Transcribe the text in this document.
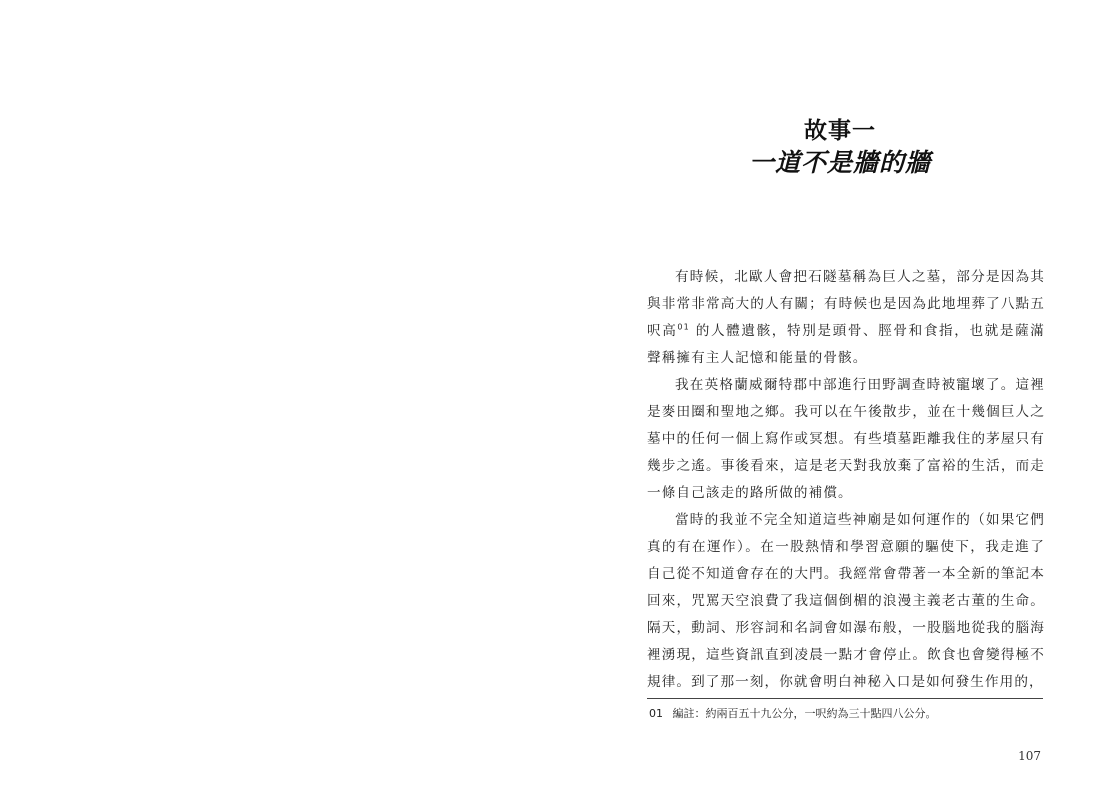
故事一
一道不是牆的牆

有時候，北歐人會把石隧墓稱為巨人之墓，部分是因為其與非常非常高大的人有關；有時候也是因為此地埋葬了八點五呎高$^{01}$ 的人體遺骸，特別是頭骨、脛骨和食指，也就是薩滿聲稱擁有主人記憶和能量的骨骸。

我在英格蘭威爾特郡中部進行田野調查時被寵壞了。這裡是麥田圈和聖地之鄉。我可以在午後散步，並在十幾個巨人之墓中的任何一個上寫作或冥想。有些墳墓距離我住的茅屋只有幾步之遙。事後看來，這是老天對我放棄了富裕的生活，而走一條自己該走的路所做的補償。

當時的我並不完全知道這些神廟是如何運作的（如果它們真的有在運作）。在一股熱情和學習意願的驅使下，我走進了自己從不知道會存在的大門。我經常會帶著一本全新的筆記本回來，咒罵天空浪費了我這個倒楣的浪漫主義老古董的生命。隔天，動詞、形容詞和名詞會如瀑布般，一股腦地從我的腦海裡湧現，這些資訊直到凌晨一點才會停止。飲食也會變得極不規律。到了那一刻，你就會明白神秘入口是如何發生作用的，

01 編註：約兩百五十九公分，一呎約為三十點四八公分。
107
